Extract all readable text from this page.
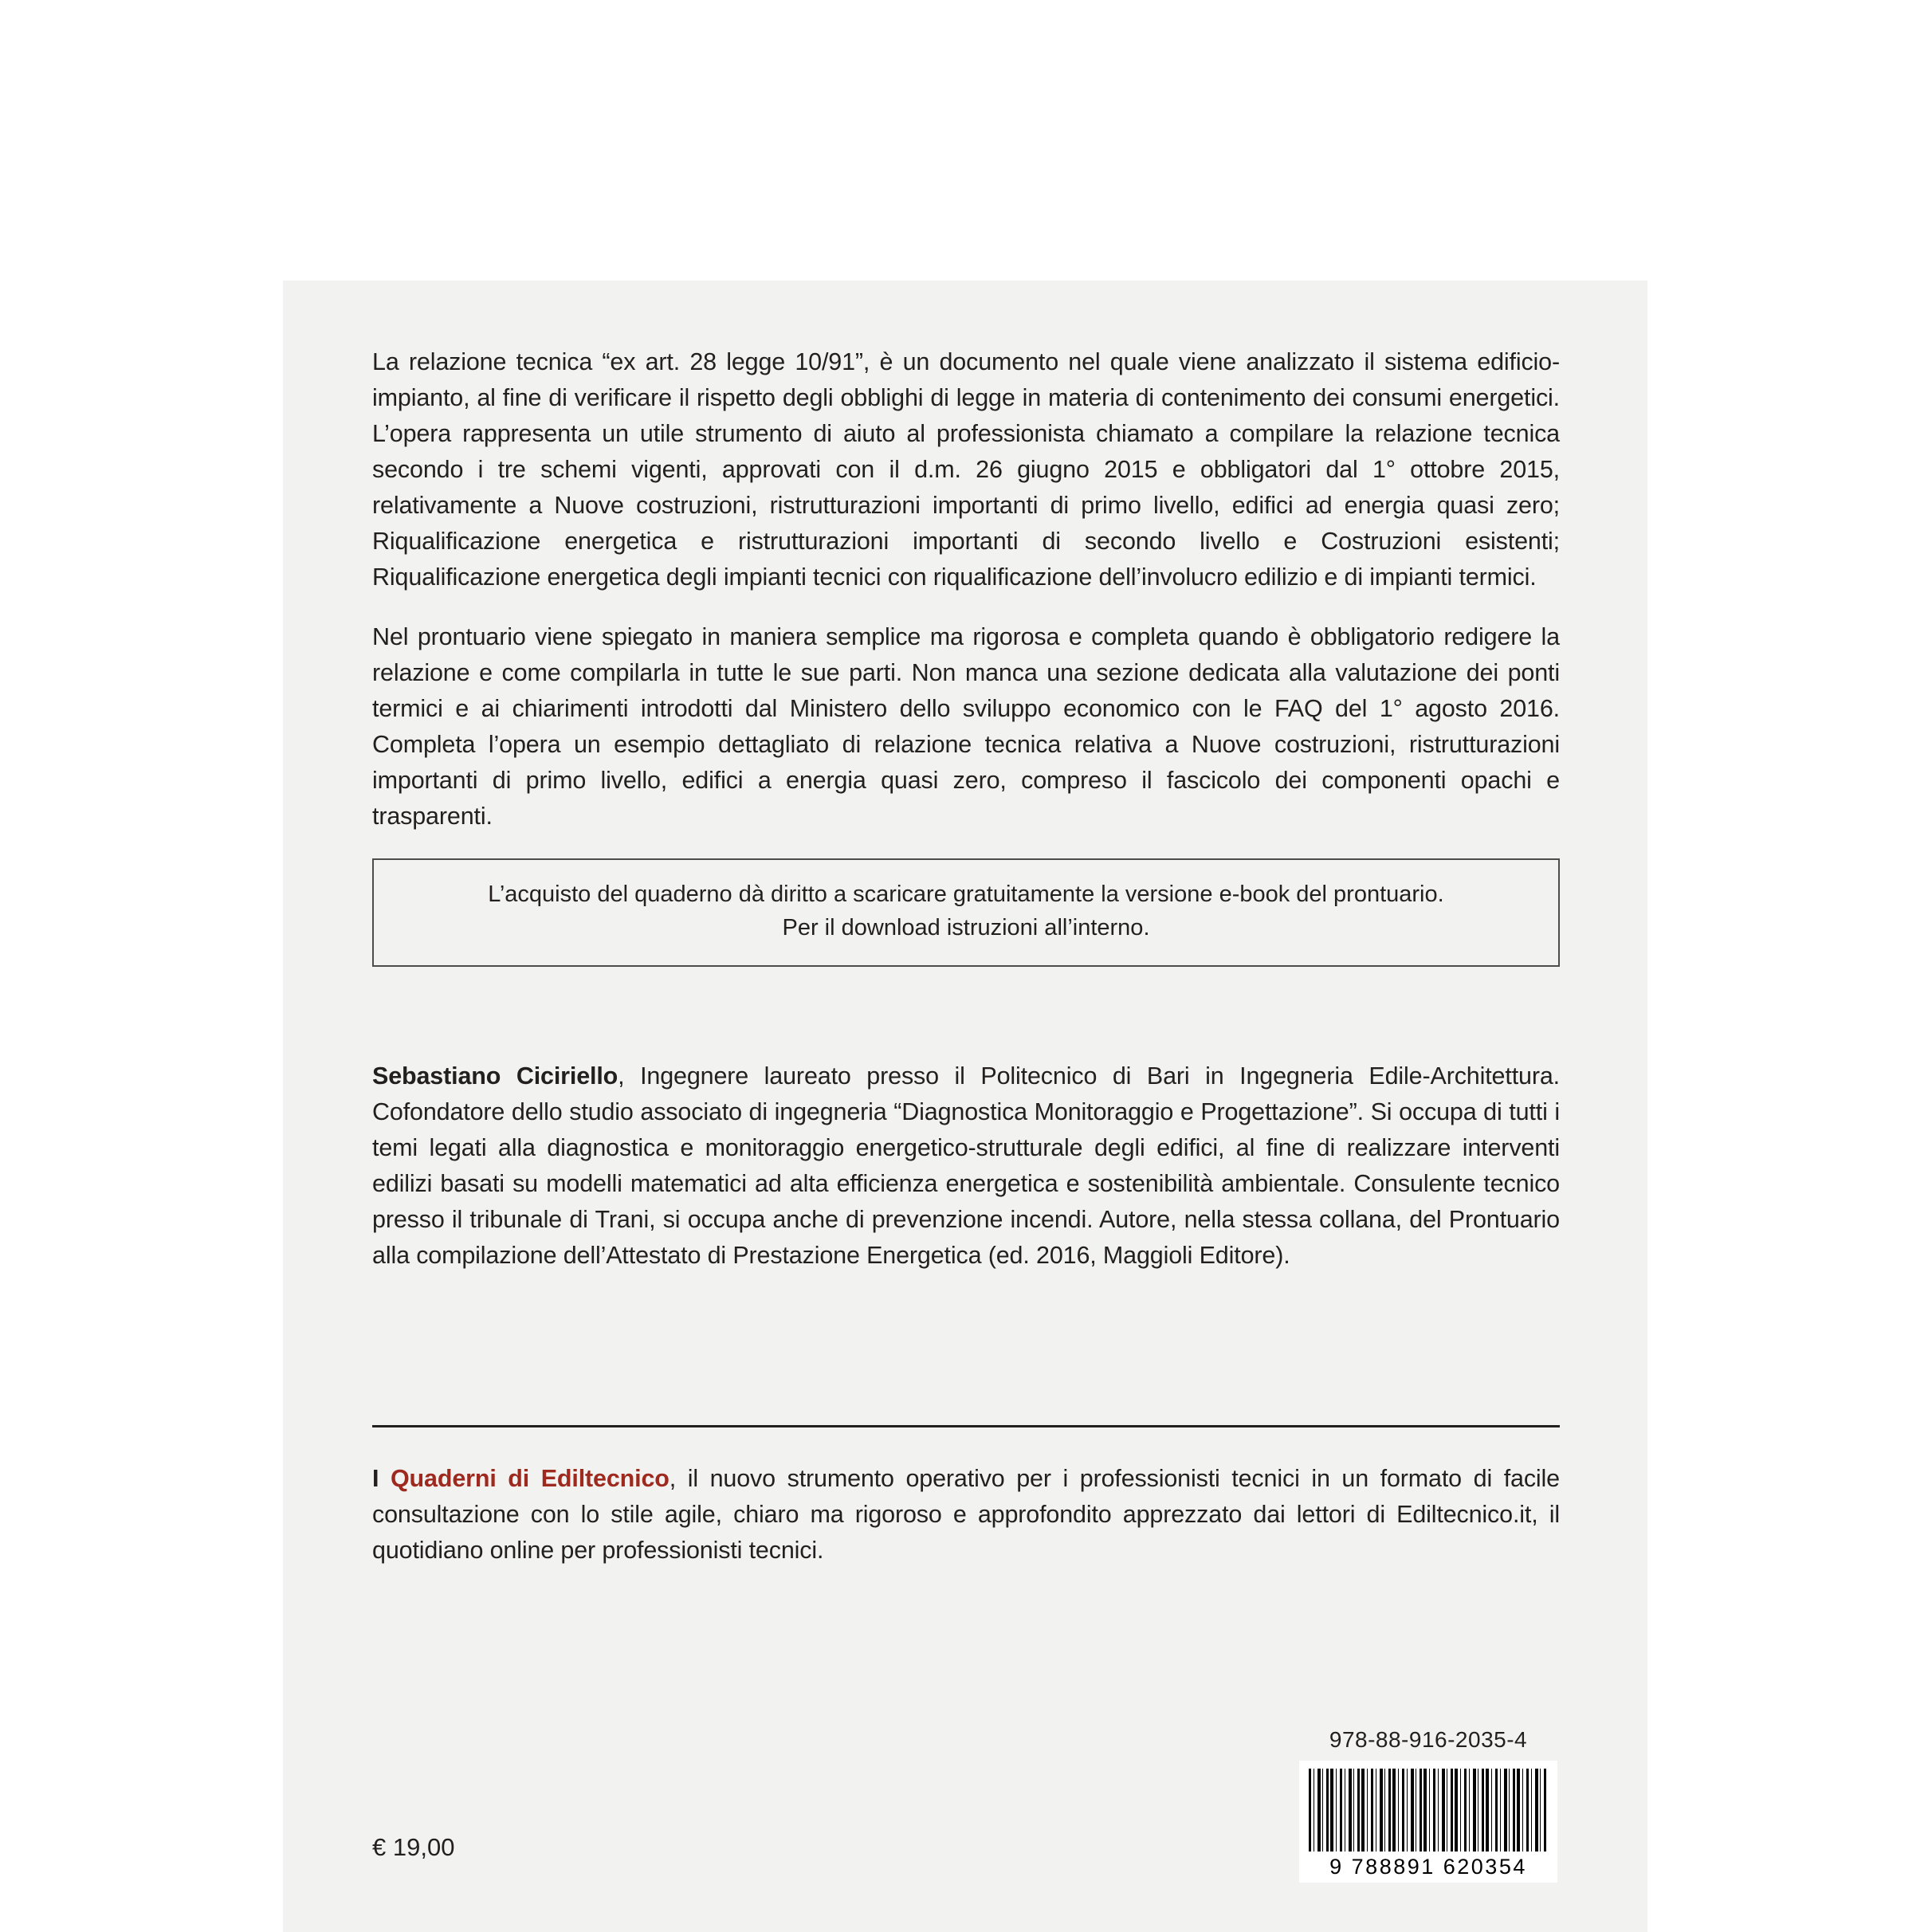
La relazione tecnica “ex art. 28 legge 10/91”, è un documento nel quale viene analizzato il sistema edificio-impianto, al fine di verificare il rispetto degli obblighi di legge in materia di contenimento dei consumi energetici. L’opera rappresenta un utile strumento di aiuto al professionista chiamato a compilare la relazione tecnica secondo i tre schemi vigenti, approvati con il d.m. 26 giugno 2015 e obbligatori dal 1° ottobre 2015, relativamente a Nuove costruzioni, ristrutturazioni importanti di primo livello, edifici ad energia quasi zero; Riqualificazione energetica e ristrutturazioni importanti di secondo livello e Costruzioni esistenti; Riqualificazione energetica degli impianti tecnici con riqualificazione dell’involucro edilizio e di impianti termici.

Nel prontuario viene spiegato in maniera semplice ma rigorosa e completa quando è obbligatorio redigere la relazione e come compilarla in tutte le sue parti. Non manca una sezione dedicata alla valutazione dei ponti termici e ai chiarimenti introdotti dal Ministero dello sviluppo economico con le FAQ del 1° agosto 2016. Completa l’opera un esempio dettagliato di relazione tecnica relativa a Nuove costruzioni, ristrutturazioni importanti di primo livello, edifici a energia quasi zero, compreso il fascicolo dei componenti opachi e trasparenti.

L’acquisto del quaderno dà diritto a scaricare gratuitamente la versione e-book del prontuario.

Per il download istruzioni all’interno.

Sebastiano Ciciriello, Ingegnere laureato presso il Politecnico di Bari in Ingegneria Edile-Architettura. Cofondatore dello studio associato di ingegneria “Diagnostica Monitoraggio e Progettazione”. Si occupa di tutti i temi legati alla diagnostica e monitoraggio energetico-strutturale degli edifici, al fine di realizzare interventi edilizi basati su modelli matematici ad alta efficienza energetica e sostenibilità ambientale. Consulente tecnico presso il tribunale di Trani, si occupa anche di prevenzione incendi. Autore, nella stessa collana, del Prontuario alla compilazione dell’Attestato di Prestazione Energetica (ed. 2016, Maggioli Editore).

I Quaderni di Ediltecnico, il nuovo strumento operativo per i professionisti tecnici in un formato di facile consultazione con lo stile agile, chiaro ma rigoroso e approfondito apprezzato dai lettori di Ediltecnico.it, il quotidiano online per professionisti tecnici.

€ 19,00
978-88-916-2035-4
9 788891 620354
